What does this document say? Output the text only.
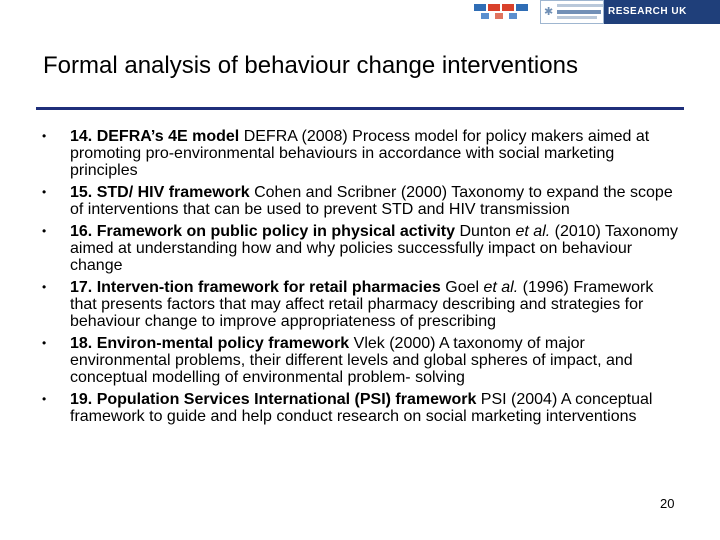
✱	RESEARCH UK
Formal analysis of behaviour change interventions
•	14. DEFRA’s 4E model DEFRA (2008) Process model for policy makers aimed at promoting pro-environmental behaviours in accordance with social marketing principles
•	15. STD/ HIV framework Cohen and Scribner (2000) Taxonomy to expand the scope of interventions that can be used to prevent STD and HIV transmission
•	16. Framework on public policy in physical activity Dunton et al. (2010) Taxonomy aimed at understanding how and why policies successfully impact on behaviour change
•	17. Interven-tion framework for retail pharmacies Goel et al. (1996) Framework that presents factors that may affect retail pharmacy describing and strategies for behaviour change to improve appropriateness of prescribing
•	18. Environ-mental policy framework Vlek (2000) A taxonomy of major environmental problems, their different levels and global spheres of impact, and conceptual modelling of environmental problem- solving
•	19. Population Services International (PSI) framework PSI (2004) A conceptual framework to guide and help conduct research on social marketing interventions
20
